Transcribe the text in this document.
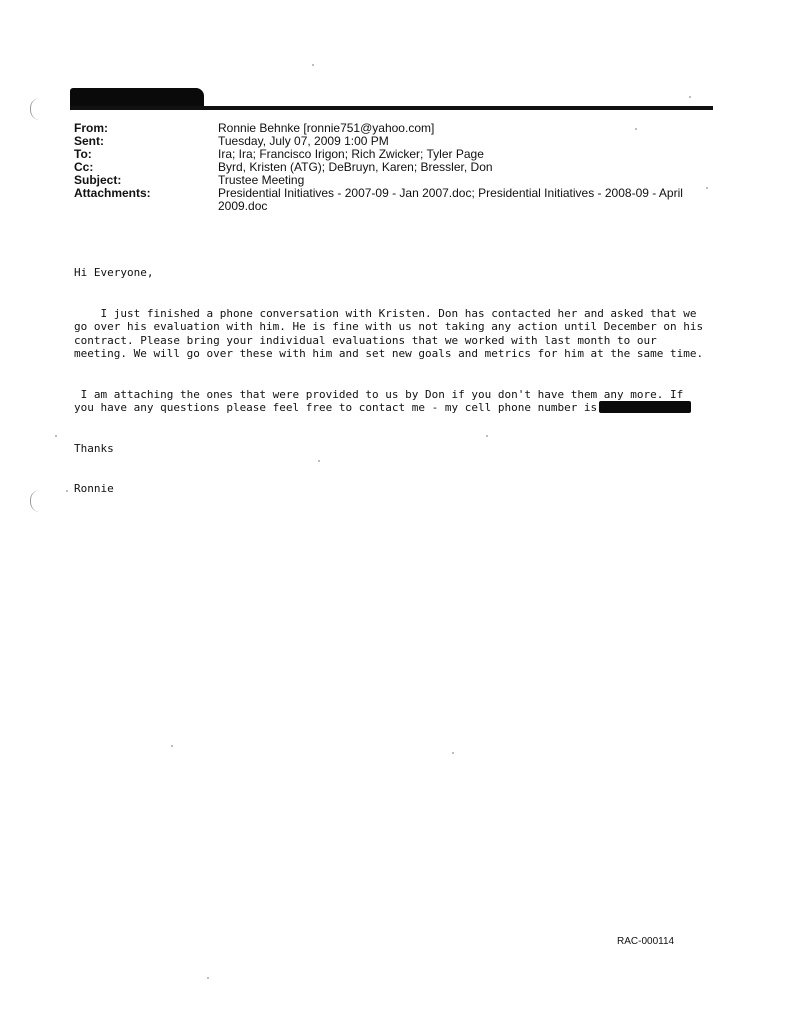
From:	Ronnie Behnke [ronnie751@yahoo.com]
Sent:	Tuesday, July 07, 2009 1:00 PM
To:	Ira; Ira; Francisco Irigon; Rich Zwicker; Tyler Page
Cc:	Byrd, Kristen (ATG); DeBruyn, Karen; Bressler, Don
Subject:	Trustee Meeting
Attachments:	Presidential Initiatives - 2007-09 - Jan 2007.doc; Presidential Initiatives - 2008-09 - April 2009.doc

Hi Everyone,

I just finished a phone conversation with Kristen. Don has contacted her and asked that we go over his evaluation with him. He is fine with us not taking any action until December on his contract. Please bring your individual evaluations that we worked with last month to our meeting. We will go over these with him and set new goals and metrics for him at the same time.

I am attaching the ones that were provided to us by Don if you don't have them any more. If you have any questions please feel free to contact me - my cell phone number is

Thanks

Ronnie

RAC-000114
